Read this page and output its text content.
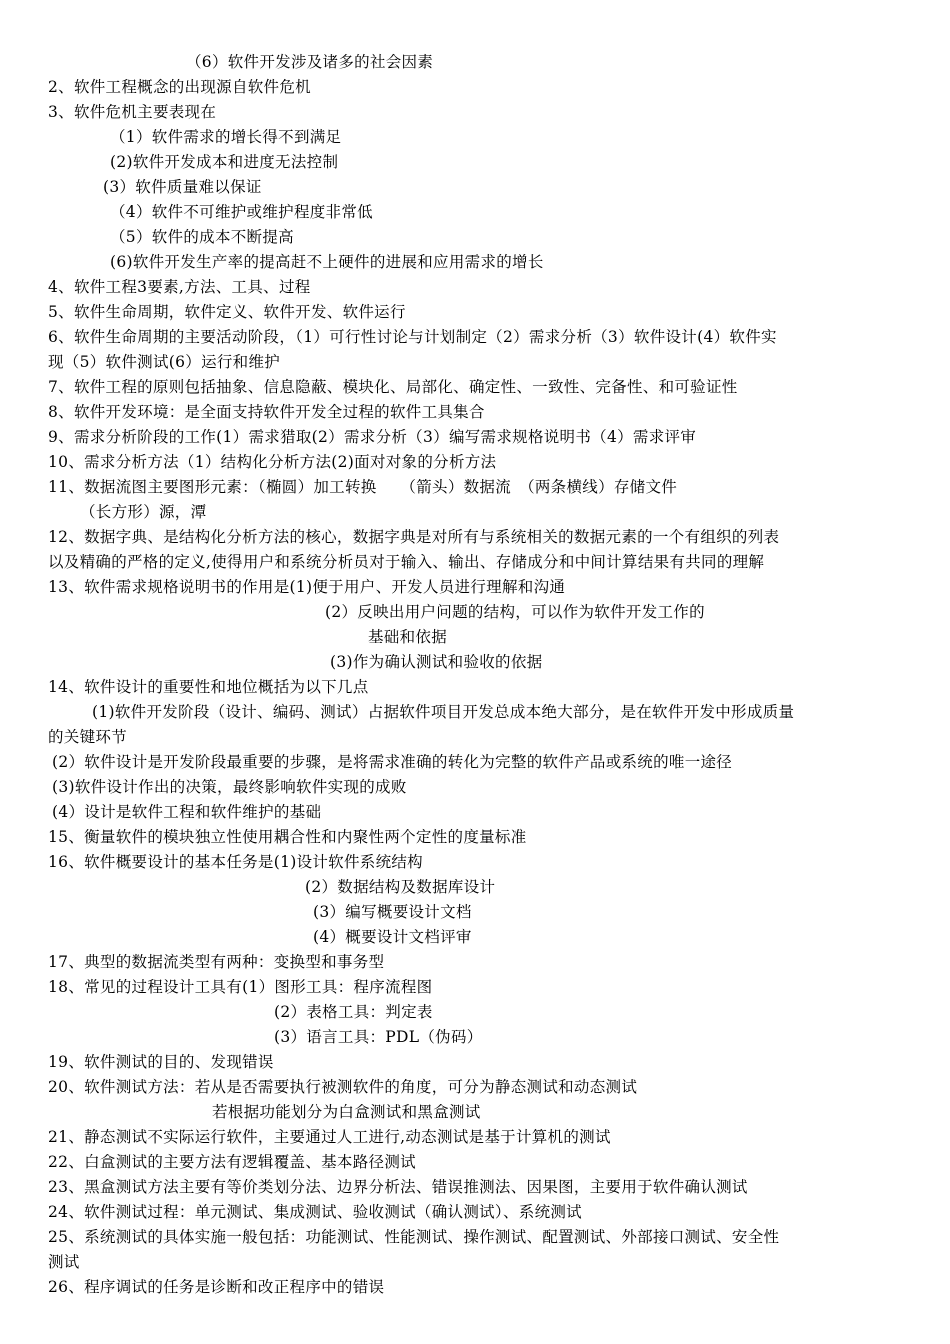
（6）软件开发涉及诸多的社会因素
2、软件工程概念的出现源自软件危机
3、软件危机主要表现在
（1）软件需求的增长得不到满足
(2)软件开发成本和进度无法控制
(3）软件质量难以保证
（4）软件不可维护或维护程度非常低
（5）软件的成本不断提高
(6)软件开发生产率的提高赶不上硬件的进展和应用需求的增长
4、软件工程3要素,方法、工具、过程
5、软件生命周期，软件定义、软件开发、软件运行
6、软件生命周期的主要活动阶段，（1）可行性讨论与计划制定（2）需求分析（3）软件设计(4）软件实
现（5）软件测试(6）运行和维护
7、软件工程的原则包括抽象、信息隐蔽、模块化、局部化、确定性、一致性、完备性、和可验证性
8、软件开发环境：是全面支持软件开发全过程的软件工具集合
9、需求分析阶段的工作(1）需求猎取(2）需求分析（3）编写需求规格说明书（4）需求评审
10、需求分析方法（1）结构化分析方法(2)面对对象的分析方法
11、数据流图主要图形元素：（椭圆）加工转换　　（箭头）数据流　（两条横线）存储文件
（长方形）源，潭
12、数据字典、是结构化分析方法的核心，数据字典是对所有与系统相关的数据元素的一个有组织的列表
以及精确的严格的定义,使得用户和系统分析员对于输入、输出、存储成分和中间计算结果有共同的理解
13、软件需求规格说明书的作用是(1)便于用户、开发人员进行理解和沟通
(2）反映出用户问题的结构，可以作为软件开发工作的
基础和依据
(3)作为确认测试和验收的依据
14、软件设计的重要性和地位概括为以下几点
(1)软件开发阶段（设计、编码、测试）占据软件项目开发总成本绝大部分，是在软件开发中形成质量
的关键环节
(2）软件设计是开发阶段最重要的步骤，是将需求准确的转化为完整的软件产品或系统的唯一途径
(3)软件设计作出的决策，最终影响软件实现的成败
(4）设计是软件工程和软件维护的基础
15、衡量软件的模块独立性使用耦合性和内聚性两个定性的度量标准
16、软件概要设计的基本任务是(1)设计软件系统结构
(2）数据结构及数据库设计
(3）编写概要设计文档
(4）概要设计文档评审
17、典型的数据流类型有两种：变换型和事务型
18、常见的过程设计工具有(1）图形工具：程序流程图
(2）表格工具：判定表
(3）语言工具：PDL（伪码）
19、软件测试的目的、发现错误
20、软件测试方法：若从是否需要执行被测软件的角度，可分为静态测试和动态测试
若根据功能划分为白盒测试和黑盒测试
21、静态测试不实际运行软件，主要通过人工进行,动态测试是基于计算机的测试
22、白盒测试的主要方法有逻辑覆盖、基本路径测试
23、黑盒测试方法主要有等价类划分法、边界分析法、错误推测法、因果图，主要用于软件确认测试
24、软件测试过程：单元测试、集成测试、验收测试（确认测试）、系统测试
25、系统测试的具体实施一般包括：功能测试、性能测试、操作测试、配置测试、外部接口测试、安全性
测试
26、程序调试的任务是诊断和改正程序中的错误
